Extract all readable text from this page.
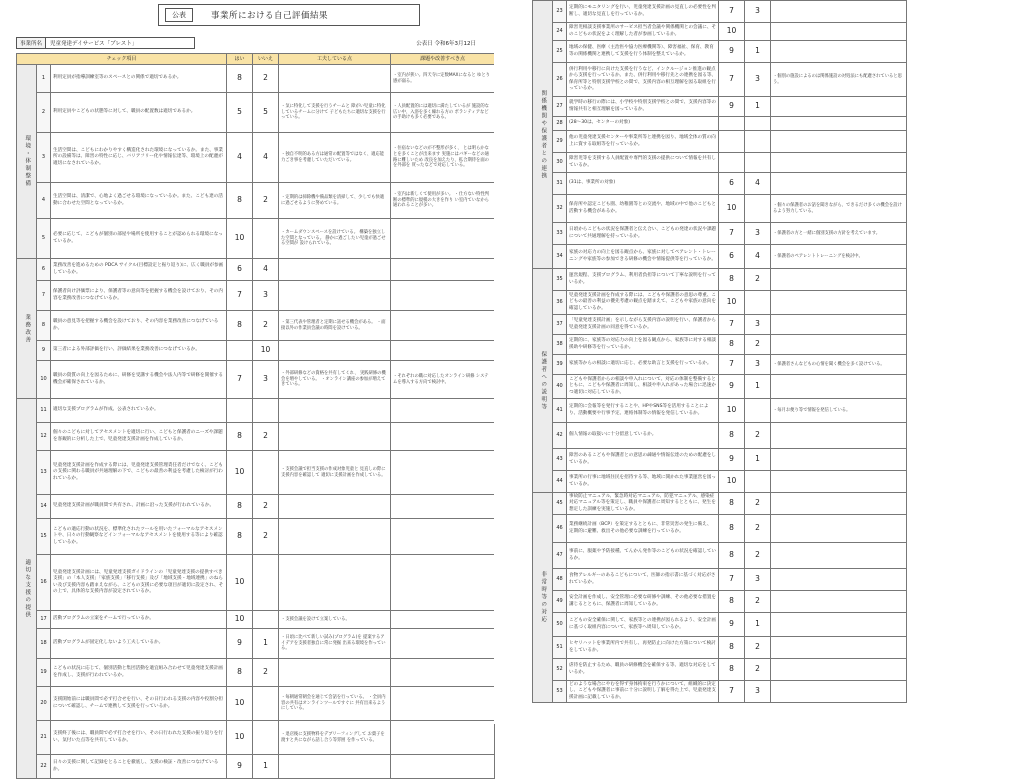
公表	事業所における自己評価結果
事業所名	児童発達デイサービス「ブレスト」	公表日 令和6年3月12日
チェック項目			はい	いいえ	工夫している点	課題や改善すべき点
環境・体制整備	1	利用定員が指導訓練室等のスペースとの関係で適切であるか。	8	2		・室内が狭い。四天寺に定数MAXになると ゆとり感が弱る。
	2	利用定員やこどもの状態等に対して、職員の配置数は適切であるか。	5	5	・気に特化して支援を行うチームと 障がい児童に特化しているチームに分けて 子どもたちに適切な支援を行っている。	・人員配置的には適切に満たしているが 施設的な広い中、入浴を多く繰れる方の ボランティアなどの手助けも多く必要である。
	3	生活空間は、こどもにわかりやすく構造化された環境になっているか。また、事業所の設備等は、障害の特性に応じ、バリアフリー化や情報伝達等、環境上の配慮が適切になされているか。	4	4	・独自不明的ある方は通常の配置等ではなく、適応能力ごき事を考慮していただいている。	・住宿ないなどのが不整形が多く、 とは明らかなとを多くことが出来ます 実施にはバギーなどの通路に難しいため 改良を加えたり、拡合期待を面のを外部を 買ったなどで対応している。
	4	生活空間は、清潔で、心地よく過ごせる環境になっているか。また、こども達の活動に合わせた空間となっているか。	8	2	・定期的は掃除機や備品類を清掃して、少しでも快適に過ごせるように努めている。	・室内は新しくて使用が多い。 ・仕方ない特性判断の標準的に規模の大きを作り い室内ていなから通われることが多い。
	5	必要に応じて、こどもが個別の部屋や場所を使用することが認められる環境になっているか。	10		・カームダウンスペースを設けている。 構築を独立した空間となっている。 静かに過ごしたい児童が過ごせる空間が 設けられている。	
業務改善	6	業務改善を進めるための PDCA サイクル(目標設定と振り返り)に、広く職員が参画しているか。	6	4		
	7	保護者向け評価票により、保護者等の意向等を把握する機会を設けており、その内容を業務改善につなげているか。	7	3		
	8	職員の意見等を把握する機会を設けており、その内容を業務改善につなげているか。	8	2	・第三代表や管理者と定期に話せる機会がある。 ・面接以外の作業員会議の時間を設けている。	
	9	第三者による外部評価を行い、評価結果を業務改善につなげているか。		10		
	10	職員の資質の向上を図るために、研修を受講する機会や法人内等で研修を開催する機会が確保されているか。	7	3	・外部研修などの資格を共有してくれ、 実践研修の機会を増やしている。 ・オンライン講座の参加が増えてきている。	・それぞれの職に対応したオンライン研修 システムを導入する方向で検討中。
適切な支援の提供	11	適切な支援プログラムが作成、公表されているか。				
	12	個々のこどもに対してアセスメントを適切に行い、こどもと保護者のニーズや課題を客観的に分析した上で、児童発達支援計画を作成しているか。	8	2		
	13	児童発達支援計画を作成する際には、児童発達支援管理責任者だけでなく、こどもの支援に関わる職員が共通理解の下で、こどもの最善の利益を考慮した検討が行われているか。	10		・支援会議で担当支援の作成対象児童と 見直しの際に支援内容を確認して 適切に支援計画を作成している。	
	14	児童発達支援計画が職員間で共有され、計画に沿った支援が行われているか。	8	2		
	15	こどもの適応行動の状況を、標準化されたツールを用いたフォーマルなアセスメントや、日々の行動観察などインフォーマルなアセスメントを使用する等により確認しているか。	8	2		
	16	児童発達支援計画には、児童発達支援ガイドラインの「児童発達支援の提供すべき支援」の「本人支援」「家族支援」「移行支援」及び「地域支援・地域連携」のねらい及び支援内容も踏まえながら、こどもの支援に必要な項目が適切に設定され、その上で、具体的な支援内容が設定されているか。	10			
	17	活動プログラムの立案をチームで行っているか。	10		・支援会議を設けて立案している。	
	18	活動プログラムが固定化しないよう工夫しているか。	9	1	・日頃に比べて新しい試み(プログラム)を 提案するアイデアを支援者独自に常に発掘 出来る環境を作っている。	
	19	こどもの状況に応じて、個別活動と集団活動を適宜組み合わせて児童発達支援計画を作成し、支援が行われているか。	8	2		
	20	支援開始前には職員間で必ず打合せを行い、その日行われる支援の内容や役割分担について確認し、チームで連携して支援を行っているか。	10		・毎朝通常朝会を通じて会話を行っている。 ・全員内容の共有はオンラインツールですぐに 共有出来るようにしている。	
	21	支援終了後には、職員間で必ず打合せを行い、その日行われた支援の振り返りを行い、気付いた点等を共有しているか。	10		・退店後に支援物料をデブリーフィングして お菓子を渡すと共にながら話し合う等雰囲 を作っている。	
	22	日々の支援に関して記録をとることを徹底し、支援の検証・改善につなげているか。	9	1		
関係機関や保護者との連携	23	定期的にモニタリングを行い、児童発達支援計画の見直しの必要性を判断し、適切な見直しを行っているか。	7	3	
	24	障害児相談支援事業所のサービス担当者会議や関係機関との会議に、そのこどもの状況をよく理解した者が参画しているか。	10		
	25	地域の保健、医療（主治医や協力医療機関等）、障害福祉、保育、教育等の関係機関と連携して支援を行う体制を整えているか。	9	1	
	26	併行利用や移行に向けた支援を行うなど、インクルージョン推進の観点から支援を行っているか。また、併行利用や移行先との連携を図る等、保育所等と特別支援学校との間で、支援内容の相互理解を図る取組を行っているか。	7	3	・個別の施設によるのは関係施設の対処法にも配慮されていると思う。
	27	就学時の移行の際には、小学校や特別支援学校との間で、支援内容等の情報共有と相互理解を図っているか。	9	1	
	28	(28〜30は、センターの対象)			
	29	他の児童発達支援センターや事業所等と連携を図り、地域全体の質の向上に資する取組等を行っているか。			
	30	障害児等を支援する人員配置や専門的支援の提供について情報を共有しているか。			
	31	(31は、事業所の対象)	6	4	
	32	保育所や認定こども園、幼稚園等との交流や、地域の中で他のこどもと活動する機会があるか。	10		・個々の保護者のお話を聞きながら、できるだけ多くの機会を設けるよう努力している。
	33	日頃からこどもの状況を保護者と伝え合い、こどもの発達の状況や課題について共通理解を持っているか。	7	3	・保護者の方と一緒に個別支援の方針を考えています。
	34	家族の対応力の向上を図る観点から、家族に対してペアレント・トレーニングや家族等の参加できる研修の機会や情報提供等を行っているか。	6	4	・保護者のペアレントトレーニングを検討中。
保護者への説明等	35	運営規程、支援プログラム、利用者負担等について丁寧な説明を行っているか。	8	2	
	36	児童発達支援計画を作成する際には、こどもや保護者の意思の尊重、こどもの最善の利益の優先考慮の観点を踏まえて、こどもや家族の意向を確認しているか。	10		
	37	「児童発達支援計画」を示しながら支援内容の説明を行い、保護者から児童発達支援計画の同意を得ているか。	7	3	
	38	定期的に、家族等の対応力の向上を図る観点から、家族等に対する相談援助や研修等を行っているか。	8	2	
	39	家族等からの相談に適切に応じ、必要な助言と支援を行っているか。	7	3	・保護者さんなどもの心情を聞く機会を多く設けている。
	40	こどもや保護者からの相談や申入れについて、対応の体制を整備するとともに、こどもや保護者に周知し、相談や申入れがあった場合に迅速かつ適切に対応しているか。	9	1	
	41	定期的に会報等を発行することや、HPやSNS等を活用することにより、活動概要や行事予定、連絡体制等の情報を発信しているか。	10		・毎月お便り等で情報を発信している。
	42	個人情報の取扱いに十分留意しているか。	8	2	
	43	障害のあるこどもや保護者との意思の疎通や情報伝達のための配慮をしているか。	9	1	
	44	事業所の行事に地域住民を招待する等、地域に開かれた事業運営を図っているか。	10		
非常時等の対応	45	事故防止マニュアル、緊急時対応マニュアル、防犯マニュアル、感染症対応マニュアル等を策定し、職員や保護者に周知するとともに、発生を想定した訓練を実施しているか。	8	2	
	46	業務継続計画（BCP）を策定するとともに、非常災害の発生に備え、定期的に避難、救出その他必要な訓練を行っているか。	8	2	
	47	事前に、服薬や予防接種、てんかん発作等のこどもの状況を確認しているか。	8	2	
	48	食物アレルギーのあるこどもについて、医師の指示書に基づく対応がされているか。	7	3	
	49	安全計画を作成し、安全管理に必要な研修や訓練、その他必要な措置を講じるとともに、保護者に周知しているか。	8	2	
	50	こどもの安全確保に関して、家族等との連携が図られるよう、安全計画に基づく取組内容について、家族等へ周知しているか。	9	1	
	51	ヒヤリハットを事業所内で共有し、再発防止に向けた方策について検討をしているか。	8	2	
	52	虐待を防止するため、職員の研修機会を確保する等、適切な対応をしているか。	8	2	
	53	どのような場合にやむを得ず身体拘束を行うかについて、組織的に決定し、こどもや保護者に事前に十分に説明し了解を得た上で、児童発達支援計画に記載しているか。	7	3	
